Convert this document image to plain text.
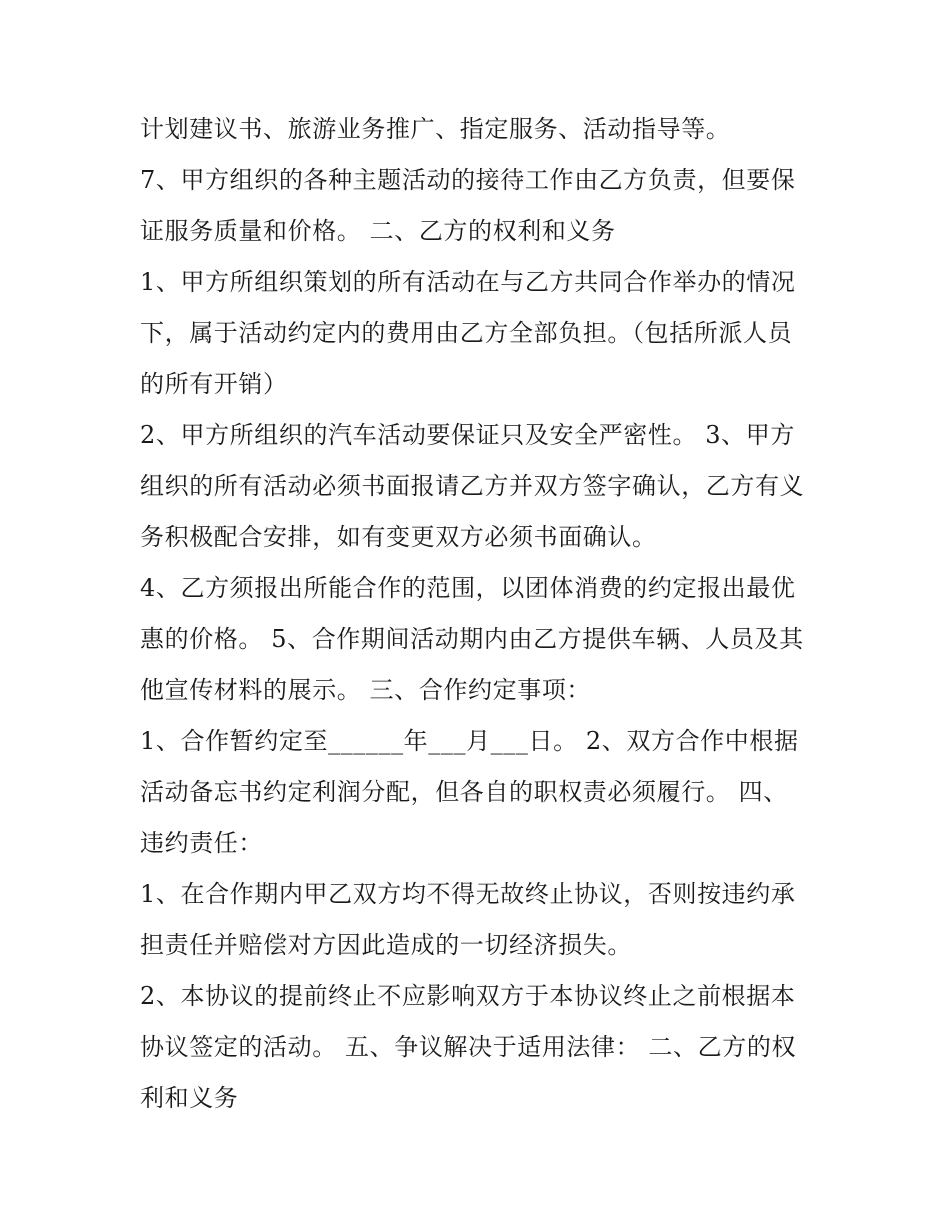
计划建议书、旅游业务推广、指定服务、活动指导等。
7、甲方组织的各种主题活动的接待工作由乙方负责，但要保
证服务质量和价格。 二、乙方的权利和义务
1、甲方所组织策划的所有活动在与乙方共同合作举办的情况
下，属于活动约定内的费用由乙方全部负担。（包括所派人员
的所有开销）
2、甲方所组织的汽车活动要保证只及安全严密性。 3、甲方
组织的所有活动必须书面报请乙方并双方签字确认，乙方有义
务积极配合安排，如有变更双方必须书面确认。
4、乙方须报出所能合作的范围，以团体消费的约定报出最优
惠的价格。 5、合作期间活动期内由乙方提供车辆、人员及其
他宣传材料的展示。 三、合作约定事项：
1、合作暂约定至______年___月___日。 2、双方合作中根据
活动备忘书约定利润分配，但各自的职权责必须履行。 四、
违约责任：
1、在合作期内甲乙双方均不得无故终止协议，否则按违约承
担责任并赔偿对方因此造成的一切经济损失。
2、本协议的提前终止不应影响双方于本协议终止之前根据本
协议签定的活动。 五、争议解决于适用法律： 二、乙方的权
利和义务
